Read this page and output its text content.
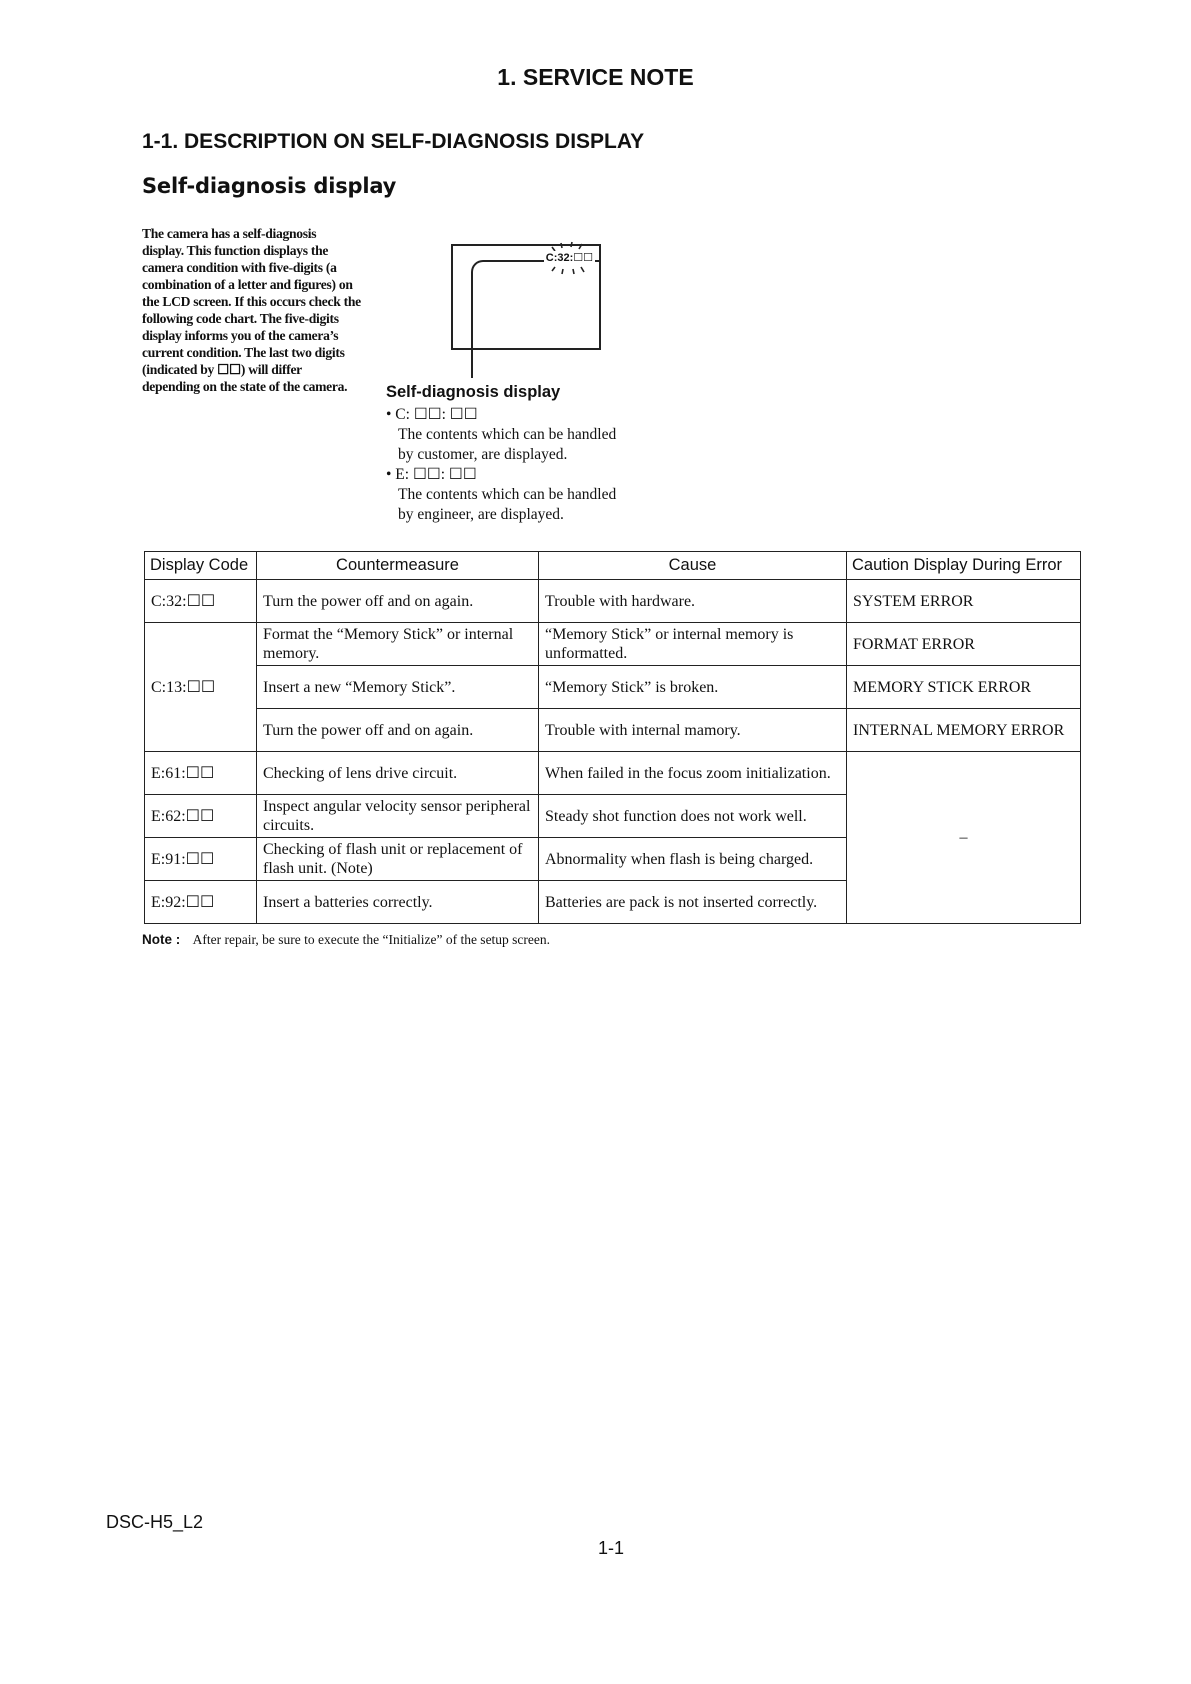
1. SERVICE NOTE
1-1. DESCRIPTION ON SELF-DIAGNOSIS DISPLAY
Self-diagnosis display
The camera has a self-diagnosis
display. This function displays the
camera condition with five-digits (a
combination of a letter and figures) on
the LCD screen. If this occurs check the
following code chart. The five-digits
display informs you of the camera’s
current condition. The last two digits
(indicated by ☐☐) will differ
depending on the state of the camera.
C:32:☐☐
Self-diagnosis display
• C: ☐☐: ☐☐
The contents which can be handled
by customer, are displayed.
• E: ☐☐: ☐☐
The contents which can be handled
by engineer, are displayed.
Display Code	Countermeasure	Cause	Caution Display During Error
C:32:☐☐	Turn the power off and on again.	Trouble with hardware.	SYSTEM ERROR
C:13:☐☐	Format the “Memory Stick” or internal memory.	“Memory Stick” or internal memory is unformatted.	FORMAT ERROR
	Insert a new “Memory Stick”.	“Memory Stick” is broken.	MEMORY STICK ERROR
	Turn the power off and on again.	Trouble with internal mamory.	INTERNAL MEMORY ERROR
E:61:☐☐	Checking of lens drive circuit.	When failed in the focus zoom initialization.	–
E:62:☐☐	Inspect angular velocity sensor peripheral circuits.	Steady shot function does not work well.	
E:91:☐☐	Checking of flash unit or replacement of flash unit. (Note)	Abnormality when flash is being charged.	
E:92:☐☐	Insert a batteries correctly.	Batteries are pack is not inserted correctly.	
Note : After repair, be sure to execute the “Initialize” of the setup screen.
DSC-H5_L2
1-1
